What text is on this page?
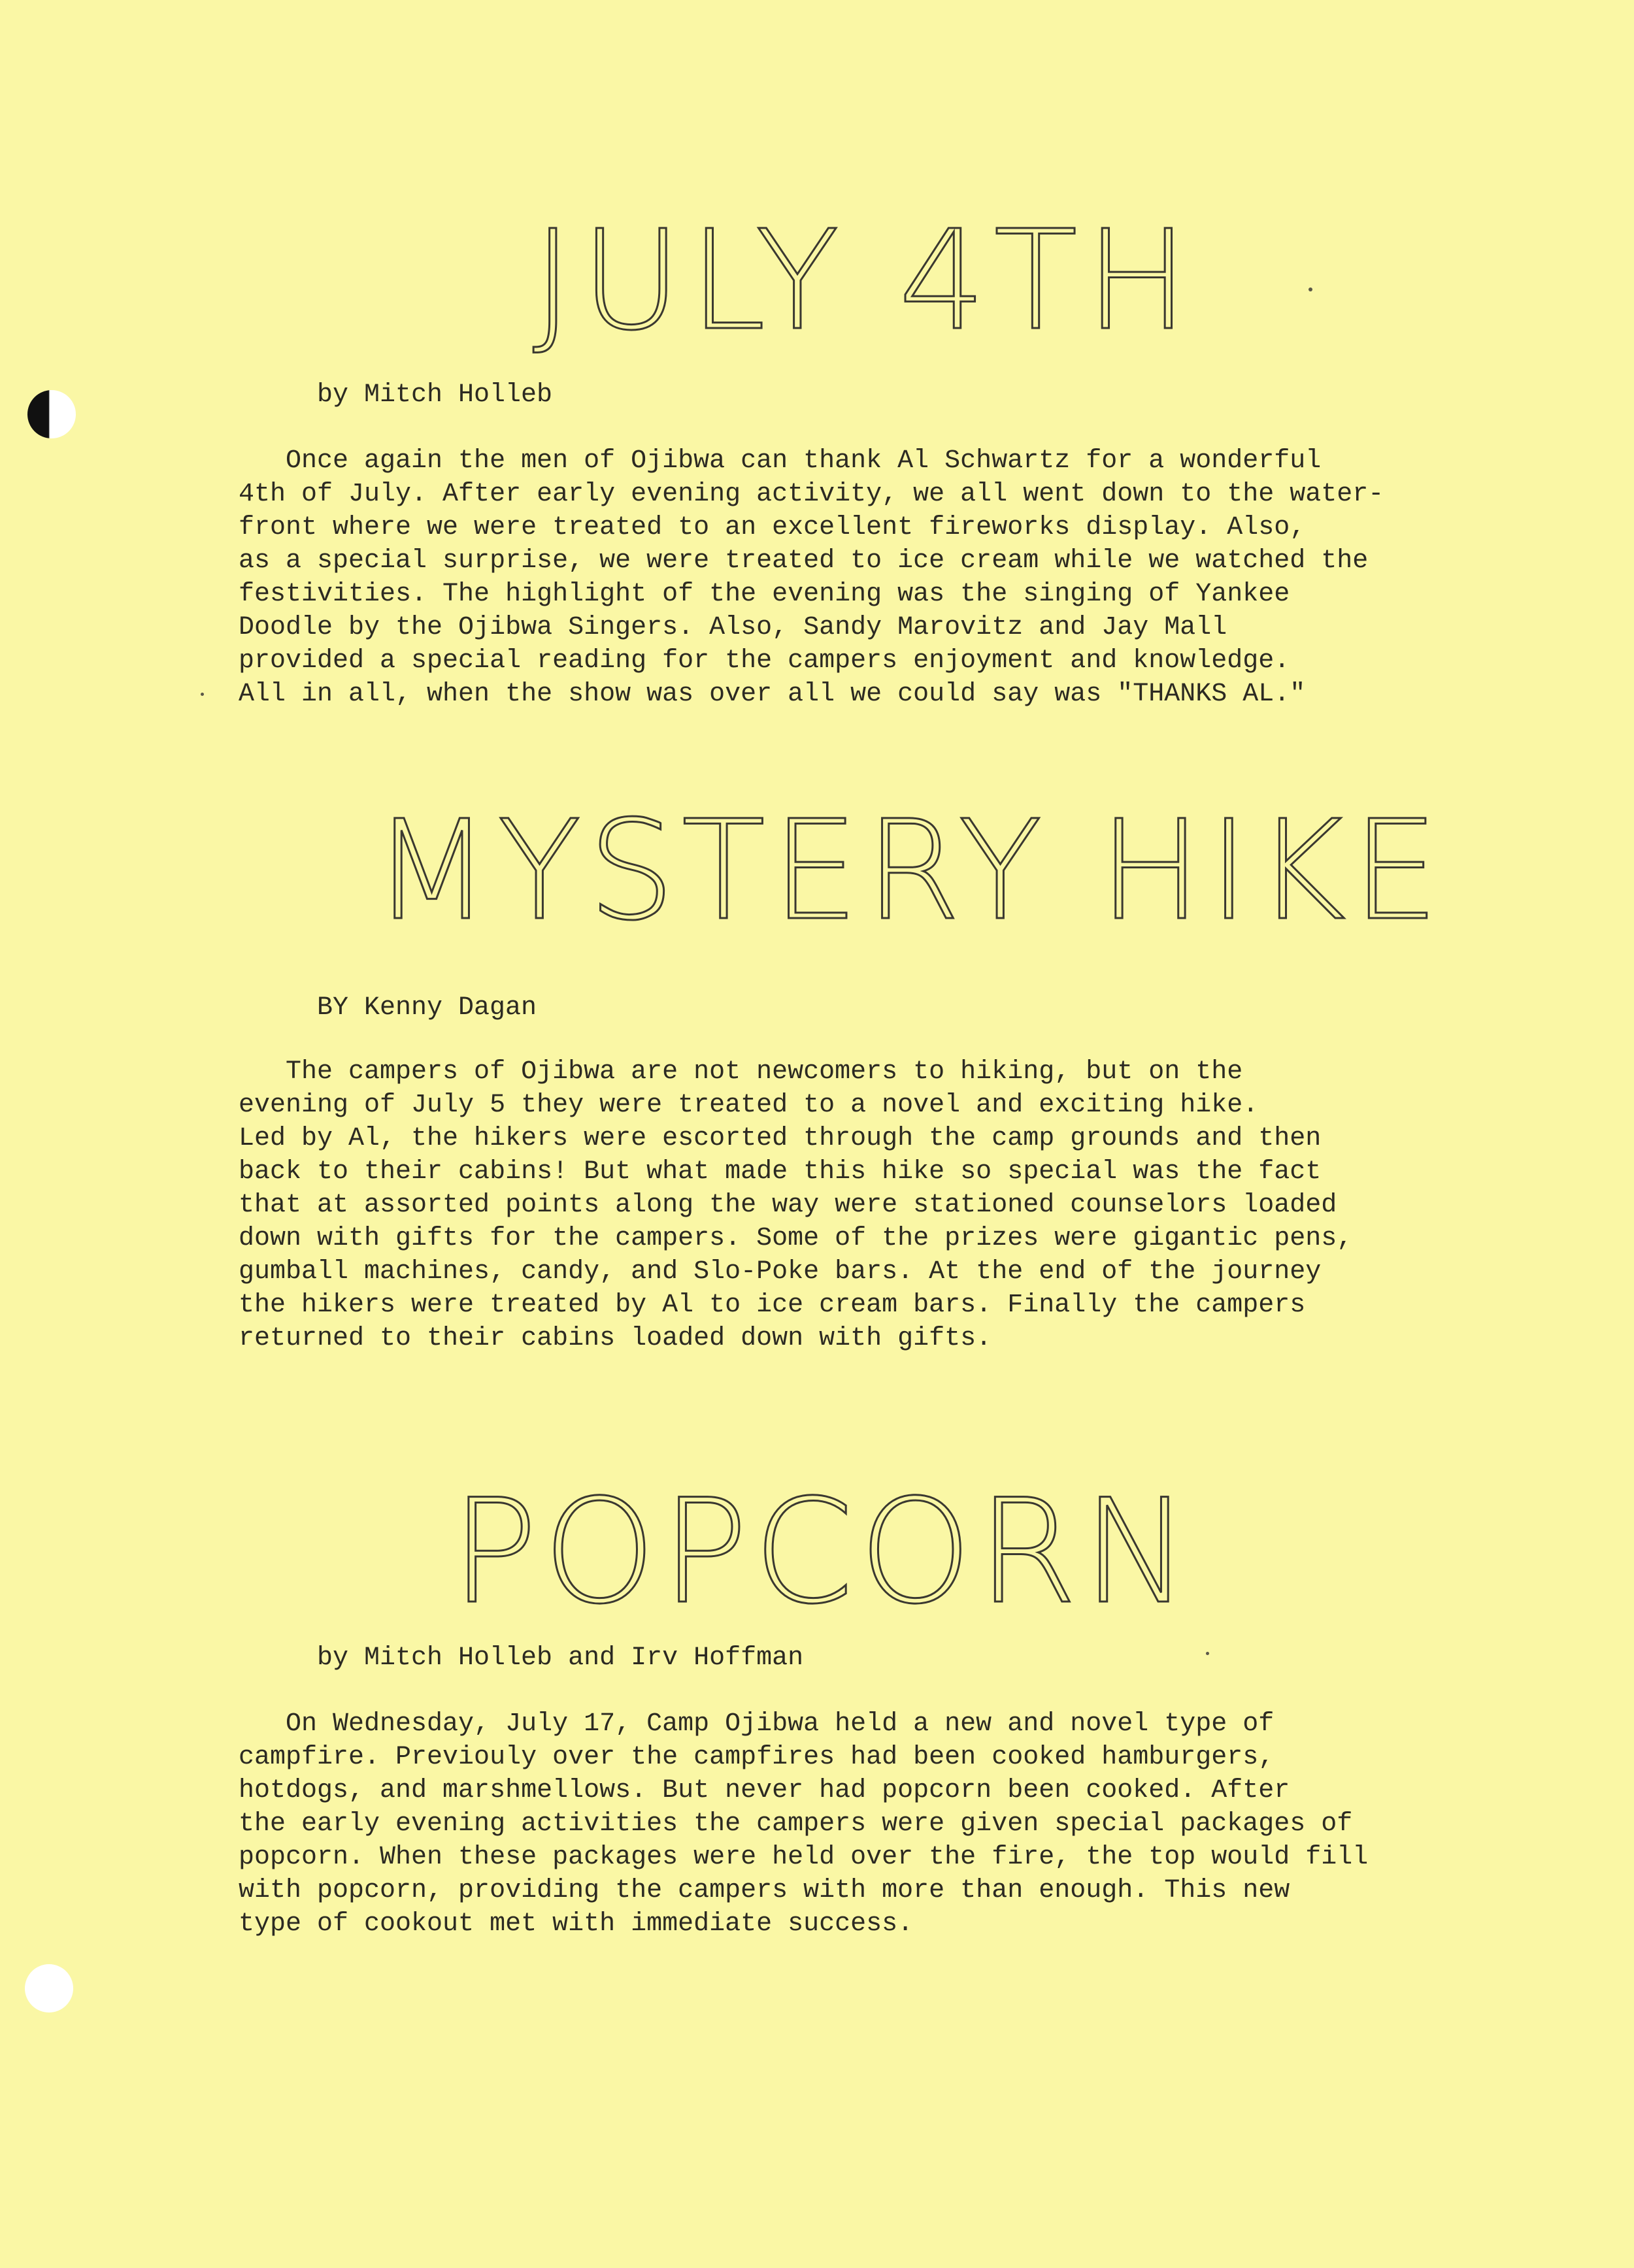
JULY 4TH
by Mitch Holleb
Once again the men of Ojibwa can thank Al Schwartz for a wonderful
4th of July. After early evening activity, we all went down to the water-
front where we were treated to an excellent fireworks display. Also,
as a special surprise, we were treated to ice cream while we watched the
festivities. The highlight of the evening was the singing of Yankee
Doodle by the Ojibwa Singers. Also, Sandy Marovitz and Jay Mall
provided a special reading for the campers enjoyment and knowledge.
All in all, when the show was over all we could say was "THANKS AL."
MYSTERY HIKE
BY Kenny Dagan
The campers of Ojibwa are not newcomers to hiking, but on the
evening of July 5 they were treated to a novel and exciting hike.
Led by Al, the hikers were escorted through the camp grounds and then
back to their cabins! But what made this hike so special was the fact
that at assorted points along the way were stationed counselors loaded
down with gifts for the campers. Some of the prizes were gigantic pens,
gumball machines, candy, and Slo-Poke bars. At the end of the journey
the hikers were treated by Al to ice cream bars. Finally the campers
returned to their cabins loaded down with gifts.
POPCORN
by Mitch Holleb and Irv Hoffman
On Wednesday, July 17, Camp Ojibwa held a new and novel type of
campfire. Previouly over the campfires had been cooked hamburgers,
hotdogs, and marshmellows. But never had popcorn been cooked. After
the early evening activities the campers were given special packages of
popcorn. When these packages were held over the fire, the top would fill
with popcorn, providing the campers with more than enough. This new
type of cookout met with immediate success.
